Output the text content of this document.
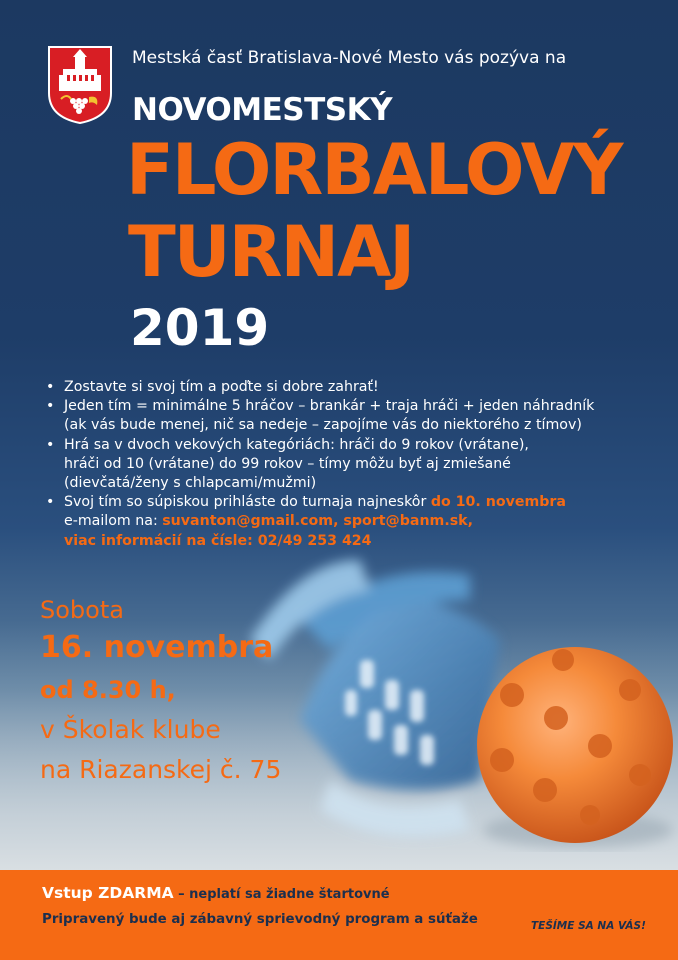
Mestská časť Bratislava-Nové Mesto vás pozýva na
NOVOMESTSKÝ
FLORBALOVÝ
TURNAJ
2019
• Zostavte si svoj tím a poďte si dobre zahrať!
• Jeden tím = minimálne 5 hráčov – brankár + traja hráči + jeden náhradník
(ak vás bude menej, nič sa nedeje – zapojíme vás do niektorého z tímov)
• Hrá sa v dvoch vekových kategóriách: hráči do 9 rokov (vrátane),
hráči od 10 (vrátane) do 99 rokov – tímy môžu byť aj zmiešané
(dievčatá/ženy s chlapcami/mužmi)
• Svoj tím so súpiskou prihláste do turnaja najneskôr do 10. novembra
e-mailom na: suvanton@gmail.com, sport@banm.sk,
viac informácií na čísle: 02/49 253 424
Sobota
16. novembra
od 8.30 h,
v Školak klube
na Riazanskej č. 75
Vstup ZDARMA – neplatí sa žiadne štartovné
Pripravený bude aj zábavný sprievodný program a súťaže	TEŠÍME SA NA VÁS!
